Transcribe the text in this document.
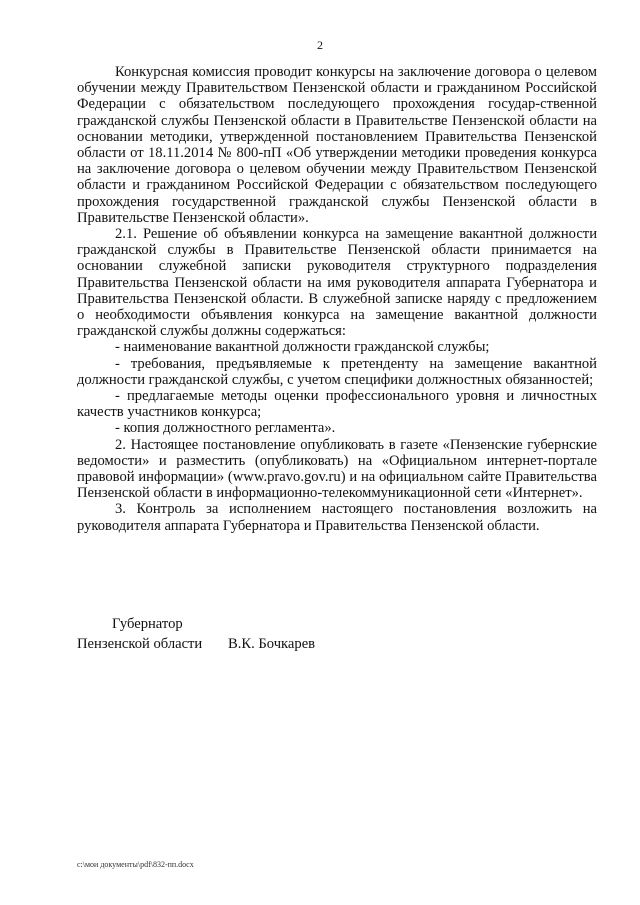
2

Конкурсная комиссия проводит конкурсы на заключение договора о целевом обучении между Правительством Пензенской области и гражданином Российской Федерации с обязательством последующего прохождения государ-ственной гражданской службы Пензенской области в Правительстве Пензенской области на основании методики, утвержденной постановлением Правительства Пензенской области от 18.11.2014 № 800-пП «Об утверждении методики проведения конкурса на заключение договора о целевом обучении между Правительством Пензенской области и гражданином Российской Федерации с обязательством последующего прохождения государственной гражданской службы Пензенской области в Правительстве Пензенской области».

2.1. Решение об объявлении конкурса на замещение вакантной должности гражданской службы в Правительстве Пензенской области принимается на основании служебной записки руководителя структурного подразделения Правительства Пензенской области на имя руководителя аппарата Губернатора и Правительства Пензенской области. В служебной записке наряду с предложением о необходимости объявления конкурса на замещение вакантной должности гражданской службы должны содержаться:

- наименование вакантной должности гражданской службы;

- требования, предъявляемые к претенденту на замещение вакантной должности гражданской службы, с учетом специфики должностных обязанностей;

- предлагаемые методы оценки профессионального уровня и личностных качеств участников конкурса;

- копия должностного регламента».

2. Настоящее постановление опубликовать в газете «Пензенские губернские ведомости» и разместить (опубликовать) на «Официальном интернет-портале правовой информации» (www.pravo.gov.ru) и на официальном сайте Правительства Пензенской области в информационно-телекоммуникационной сети «Интернет».

3. Контроль за исполнением настоящего постановления возложить на руководителя аппарата Губернатора и Правительства Пензенской области.

Губернатор
Пензенской области	В.К. Бочкарев
c:\мои документы\pdf\832-пп.docx
